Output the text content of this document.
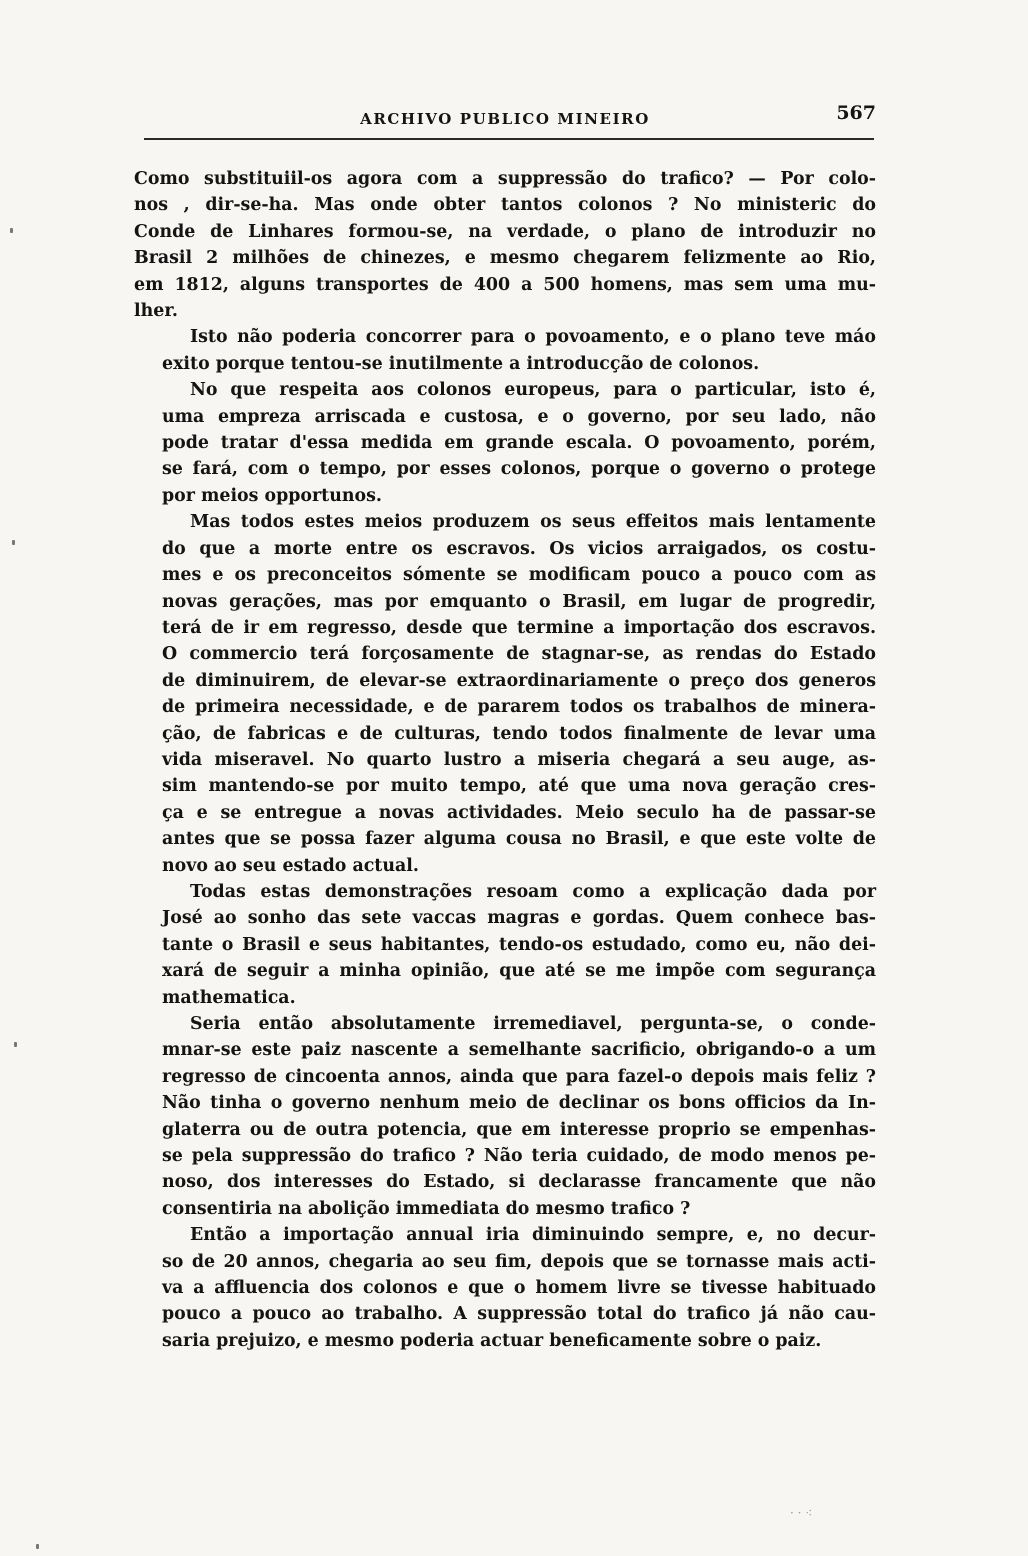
ARCHIVO PUBLICO MINEIRO	567
Como substituiil-os agora com a suppressão do trafico? — Por colo-
nos , dir-se-ha. Mas onde obter tantos colonos ? No ministeric do
Conde de Linhares formou-se, na verdade, o plano de introduzir no
Brasil 2 milhões de chinezes, e mesmo chegarem felizmente ao Rio,
em 1812, alguns transportes de 400 a 500 homens, mas sem uma mu-
lher.
Isto não poderia concorrer para o povoamento, e o plano teve máo
exito porque tentou-se inutilmente a introducção de colonos.
No que respeita aos colonos europeus, para o particular, isto é,
uma empreza arriscada e custosa, e o governo, por seu lado, não
pode tratar d'essa medida em grande escala. O povoamento, porém,
se fará, com o tempo, por esses colonos, porque o governo o protege
por meios opportunos.
Mas todos estes meios produzem os seus effeitos mais lentamente
do que a morte entre os escravos. Os vicios arraigados, os costu-
mes e os preconceitos sómente se modificam pouco a pouco com as
novas gerações, mas por emquanto o Brasil, em lugar de progredir,
terá de ir em regresso, desde que termine a importação dos escravos.
O commercio terá forçosamente de stagnar-se, as rendas do Estado
de diminuirem, de elevar-se extraordinariamente o preço dos generos
de primeira necessidade, e de pararem todos os trabalhos de minera-
ção, de fabricas e de culturas, tendo todos finalmente de levar uma
vida miseravel. No quarto lustro a miseria chegará a seu auge, as-
sim mantendo-se por muito tempo, até que uma nova geração cres-
ça e se entregue a novas actividades. Meio seculo ha de passar-se
antes que se possa fazer alguma cousa no Brasil, e que este volte de
novo ao seu estado actual.
Todas estas demonstrações resoam como a explicação dada por
José ao sonho das sete vaccas magras e gordas. Quem conhece bas-
tante o Brasil e seus habitantes, tendo-os estudado, como eu, não dei-
xará de seguir a minha opinião, que até se me impõe com segurança
mathematica.
Seria então absolutamente irremediavel, pergunta-se, o conde-
mnar-se este paiz nascente a semelhante sacrificio, obrigando-o a um
regresso de cincoenta annos, ainda que para fazel-o depois mais feliz ?
Não tinha o governo nenhum meio de declinar os bons officios da In-
glaterra ou de outra potencia, que em interesse proprio se empenhas-
se pela suppressão do trafico ? Não teria cuidado, de modo menos pe-
noso, dos interesses do Estado, si declarasse francamente que não
consentiria na abolição immediata do mesmo trafico ?
Então a importação annual iria diminuindo sempre, e, no decur-
so de 20 annos, chegaria ao seu fim, depois que se tornasse mais acti-
va a affluencia dos colonos e que o homem livre se tivesse habituado
pouco a pouco ao trabalho. A suppressão total do trafico já não cau-
saria prejuizo, e mesmo poderia actuar beneficamente sobre o paiz.
· · ⁖
